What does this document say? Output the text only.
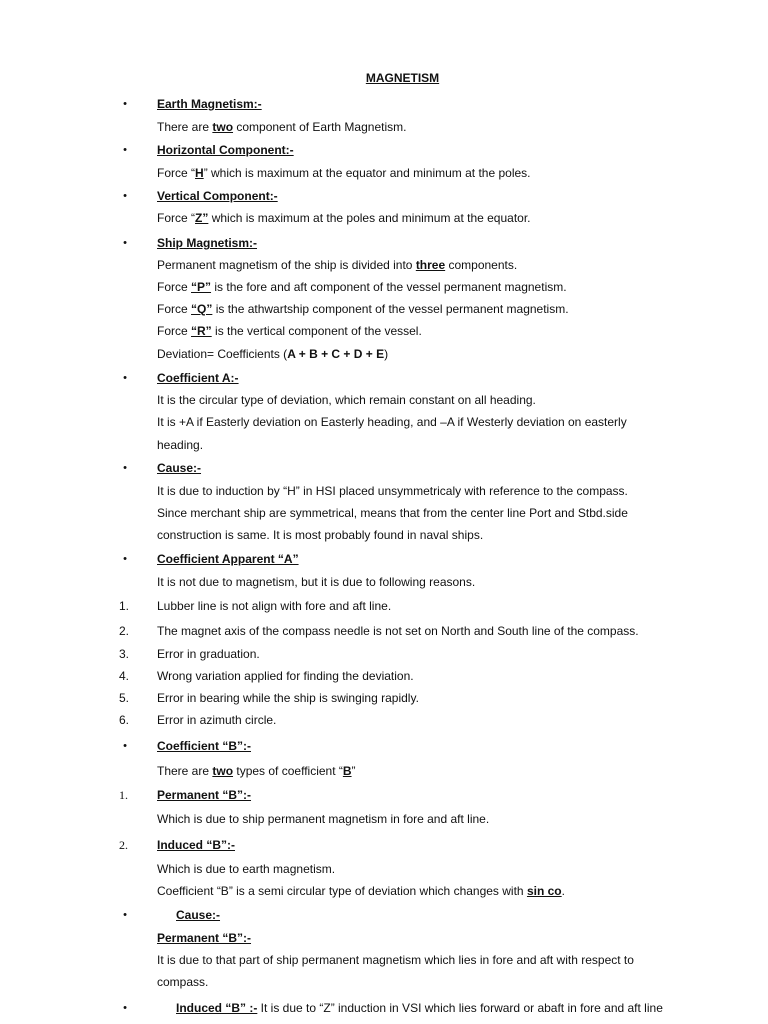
MAGNETISM
•	Earth Magnetism:-
There are two component of Earth Magnetism.
•	Horizontal Component:-
Force “H” which is maximum at the equator and minimum at the poles.
•	Vertical Component:-
Force “Z” which is maximum at the poles and minimum at the equator.
•	Ship Magnetism:-
Permanent magnetism of the ship is divided into three components.
Force “P” is the fore and aft component of the vessel permanent magnetism.
Force “Q” is the athwartship component of the vessel permanent magnetism.
Force “R” is the vertical component of the vessel.
Deviation= Coefficients (A + B + C + D + E)
•	Coefficient A:-
It is the circular type of deviation, which remain constant on all heading.
It is +A if Easterly deviation on Easterly heading, and –A if Westerly deviation on easterly
heading.
•	Cause:-
It is due to induction by “H” in HSI placed unsymmetricaly with reference to the compass.
Since merchant ship are symmetrical, means that from the center line Port and Stbd.side
construction is same. It is most probably found in naval ships.
•	Coefficient Apparent “A”
It is not due to magnetism, but it is due to following reasons.
1. Lubber line is not align with fore and aft line.
2. The magnet axis of the compass needle is not set on North and South line of the compass.
3. Error in graduation.
4. Wrong variation applied for finding the deviation.
5. Error in bearing while the ship is swinging rapidly.
6. Error in azimuth circle.
•	Coefficient “B”:-
There are two types of coefficient “B”
1. Permanent “B”:-
Which is due to ship permanent magnetism in fore and aft line.
2. Induced “B”:-
Which is due to earth magnetism.
Coefficient “B” is a semi circular type of deviation which changes with sin co.
•	Cause:-
Permanent “B”:-
It is due to that part of ship permanent magnetism which lies in fore and aft with respect to
compass.
•	Induced “B” :- It is due to “Z” induction in VSI which lies forward or abaft in fore and aft line
